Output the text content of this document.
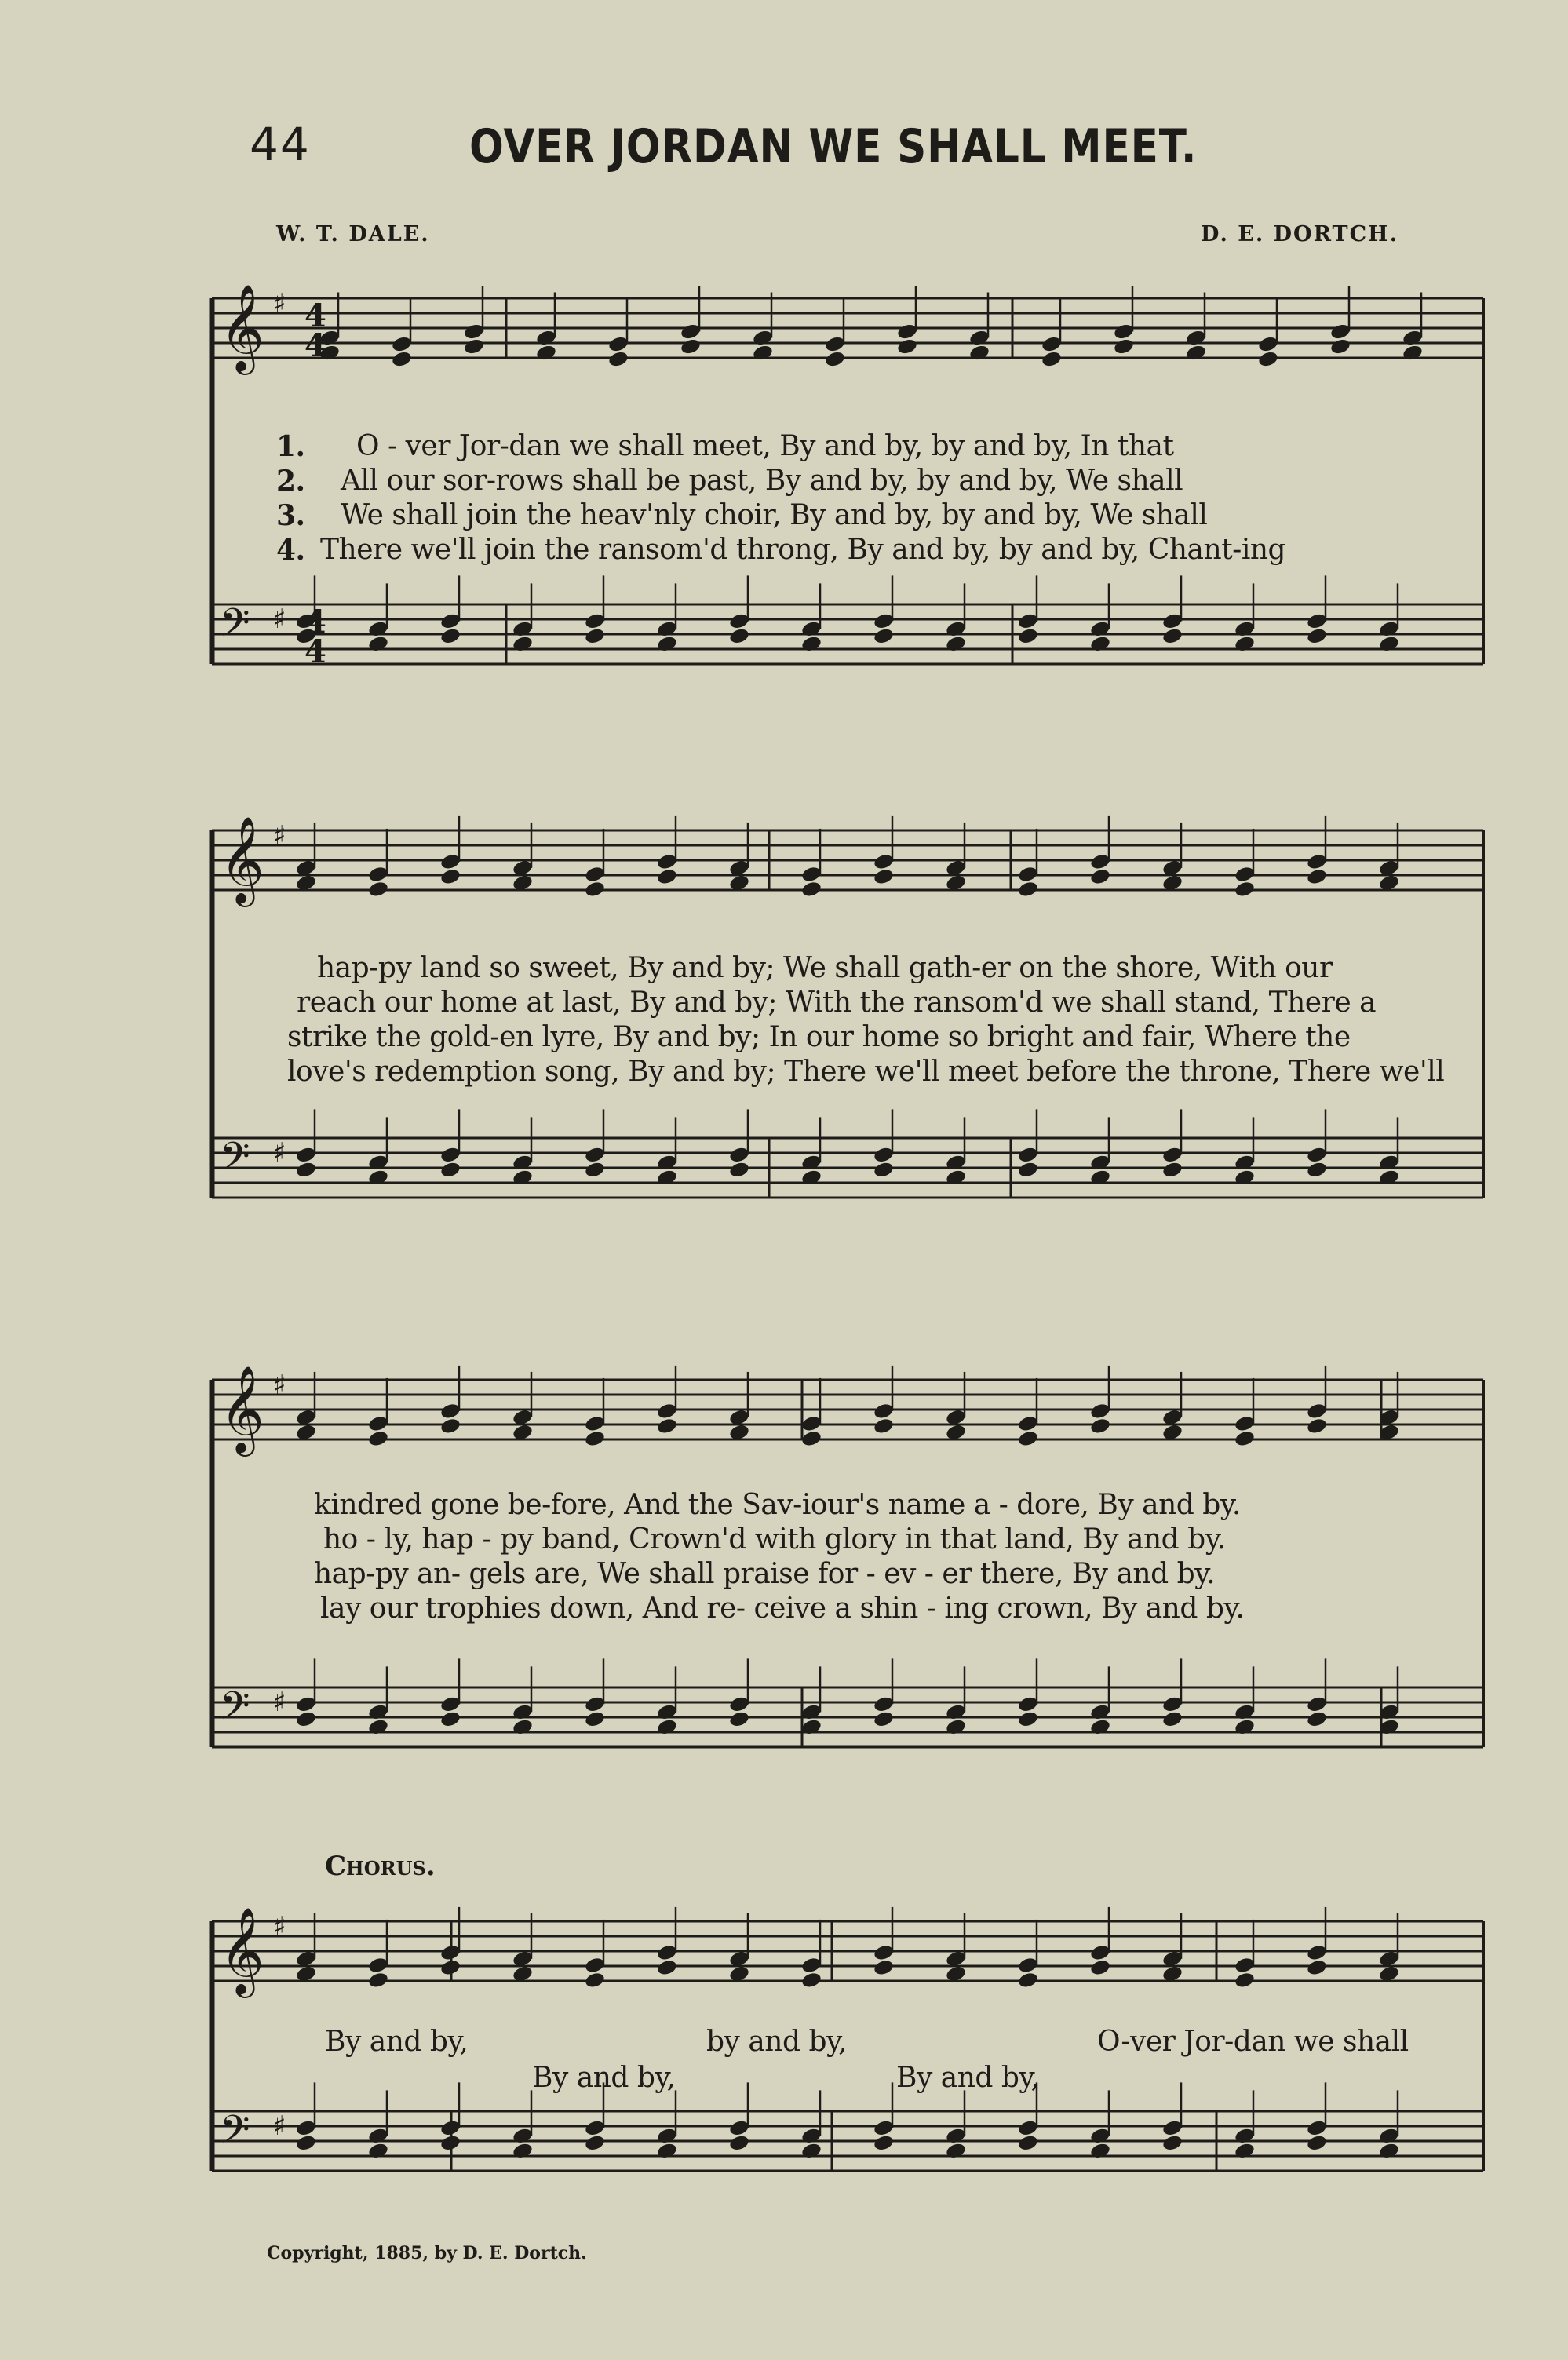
𝄞
𝄢
𝄞
𝄢
𝄞
𝄢
𝄞
𝄢
♯ 4
4
♯ 4
4
♯
♯
♯
♯
♯
♯
44	OVER JORDAN WE SHALL MEET.
W. T. DALE.	D. E. DORTCH.
1.
2.
3.
4.
O - ver Jor-dan we shall meet, By and by, by and by, In that
All our sor-rows shall be past, By and by, by and by, We shall
We shall join the heav'nly choir, By and by, by and by, We shall
There we'll join the ransom'd throng, By and by, by and by, Chant-ing
hap-py land so sweet, By and by; We shall gath-er on the shore, With our
reach our home at last, By and by; With the ransom'd we shall stand, There a
strike the gold-en lyre, By and by; In our home so bright and fair, Where the
love's redemption song, By and by; There we'll meet before the throne, There we'll
kindred gone be-fore, And the Sav-iour's name a - dore, By and by.
ho - ly, hap - py band, Crown'd with glory in that land, By and by.
hap-py an- gels are, We shall praise for - ev - er there, By and by.
lay our trophies down, And re- ceive a shin - ing crown, By and by.
Chorus.
By and by,	by and by,	O-ver Jor-dan we shall
By and by,	By and by,
Copyright, 1885, by D. E. Dortch.
